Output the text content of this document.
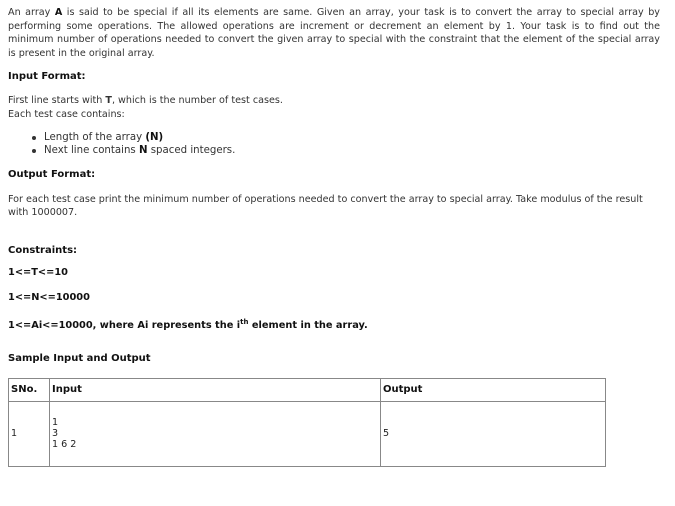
An array A is said to be special if all its elements are same. Given an array, your task is to convert the array to special array by performing some operations. The allowed operations are increment or decrement an element by 1. Your task is to find out the minimum number of operations needed to convert the given array to special with the constraint that the element of the special array is present in the original array.

Input Format:

First line starts with T, which is the number of test cases.

Each test case contains:

Length of the array (N)
Next line contains N spaced integers.
Output Format:

For each test case print the minimum number of operations needed to convert the array to special array. Take modulus of the result with 1000007.

Constraints:

1<=T<=10

1<=N<=10000

1<=Ai<=10000, where Ai represents the $i^{th}$ element in the array.

Sample Input and Output
SNo.	Input	Output
1	1
3
1 6 2	5
